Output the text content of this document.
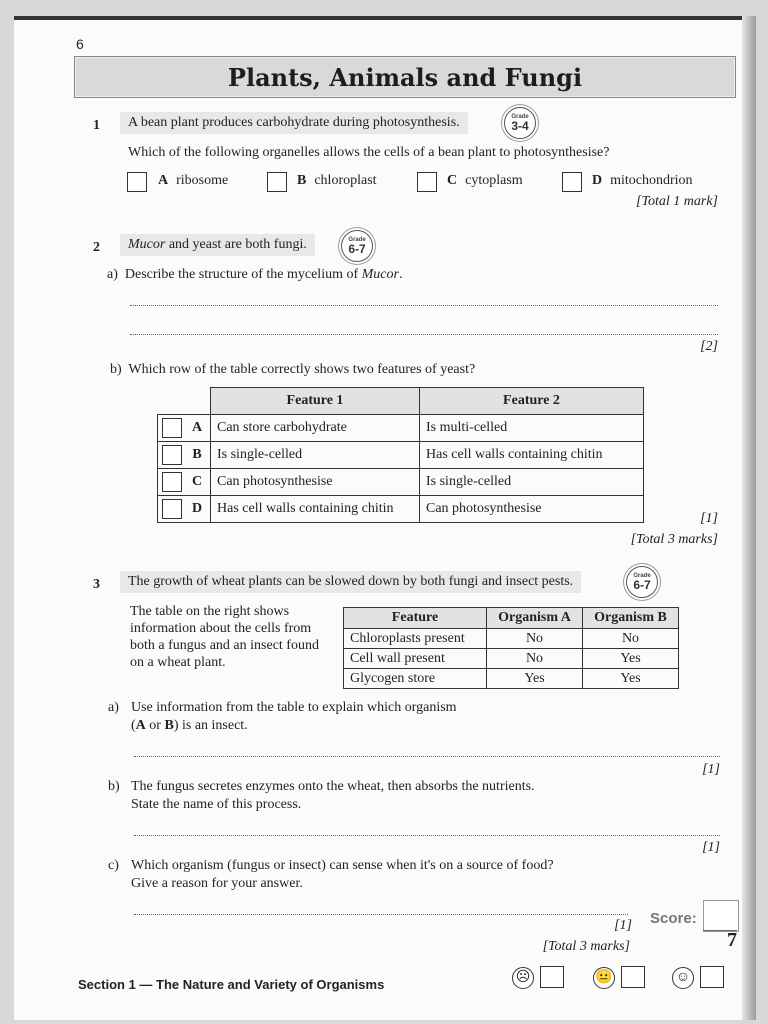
6
Plants, Animals and Fungi
1	A bean plant produces carbohydrate during photosynthesis.	Grade
3-4
Which of the following organelles allows the cells of a bean plant to photosynthesise?
A ribosome	B chloroplast	C cytoplasm	D mitochondrion
[Total 1 mark]
2	Mucor and yeast are both fungi.	Grade
6-7
a) Describe the structure of the mycelium of Mucor.
[2]
b) Which row of the table correctly shows two features of yeast?
		Feature 1	Feature 2

	A	Can store carbohydrate	Is multi-celled

	B	Is single-celled	Has cell walls containing chitin

	C	Can photosynthesise	Is single-celled

	D	Has cell walls containing chitin	Can photosynthesise
[1]
[Total 3 marks]
3	The growth of wheat plants can be slowed down by both fungi and insect pests.	Grade
6-7
The table on the right shows information about the cells from both a fungus and an insect found on a wheat plant.
Feature	Organism A	Organism B
Chloroplasts present	No	No
Cell wall present	No	Yes
Glycogen store	Yes	Yes
a) Use information from the table to explain which organism
(A or B) is an insect.
[1]
b) The fungus secretes enzymes onto the wheat, then absorbs the nutrients.
State the name of this process.
[1]
c) Which organism (fungus or insect) can sense when it's on a source of food?
Give a reason for your answer.
[1]
[Total 3 marks]
Score:
7
Section 1 — The Nature and Variety of Organisms	☹	😐	☺
